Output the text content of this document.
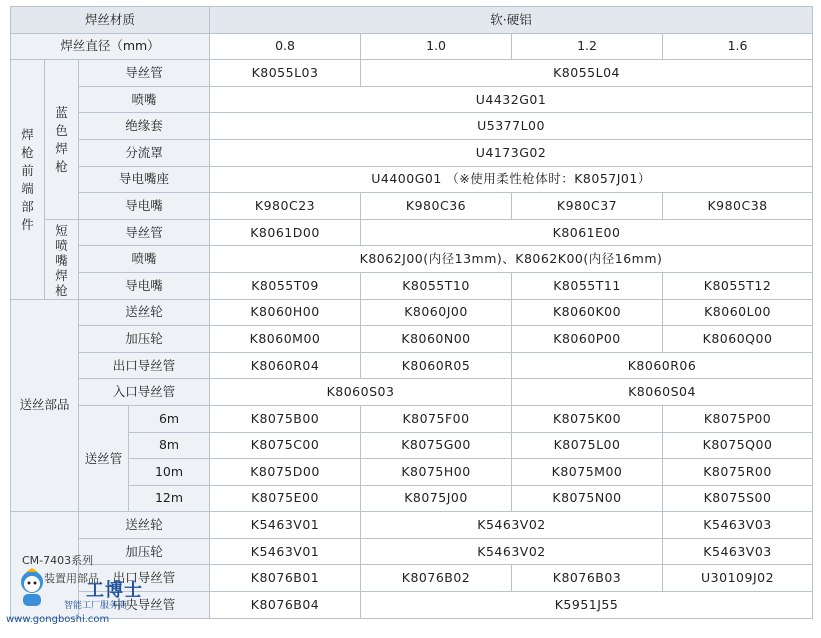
焊丝材质				软·硬铝			
焊丝直径（mm）				0.8	1.0	1.2	1.6

焊枪前端部件	蓝色焊枪	导丝管		K8055L03	K8055L04		
		喷嘴		U4432G01			
		绝缘套		U5377L00			
		分流罩		U4173G02			
		导电嘴座		U4400G01 （※使用柔性枪体时：K8057J01）			
		导电嘴		K980C23	K980C36	K980C37	K980C38

	短喷嘴焊枪	导丝管		K8061D00	K8061E00		
		喷嘴		K8062J00(内径13mm)、K8062K00(内径16mm)			
		导电嘴		K8055T09	K8055T10	K8055T11	K8055T12
送丝部品		送丝轮		K8060H00	K8060J00	K8060K00	K8060L00
		加压轮		K8060M00	K8060N00	K8060P00	K8060Q00
		出口导丝管		K8060R04	K8060R05	K8060R06	
		入口导丝管		K8060S03		K8060S04	
		送丝管	6m	K8075B00	K8075F00	K8075K00	K8075P00
			8m	K8075C00	K8075G00	K8075L00	K8075Q00
			10m	K8075D00	K8075H00	K8075M00	K8075R00
			12m	K8075E00	K8075J00	K8075N00	K8075S00
		送丝轮		K5463V01	K5463V02		K5463V03
		加压轮		K5463V01	K5463V02		K5463V03
		出口导丝管		K8076B01	K8076B02	K8076B03	U30109J02
		中央导丝管		K8076B04	K5951J55		
CM-7403系列
装置用部品
工博士
智能工厂服务商
www.gongboshi.com
